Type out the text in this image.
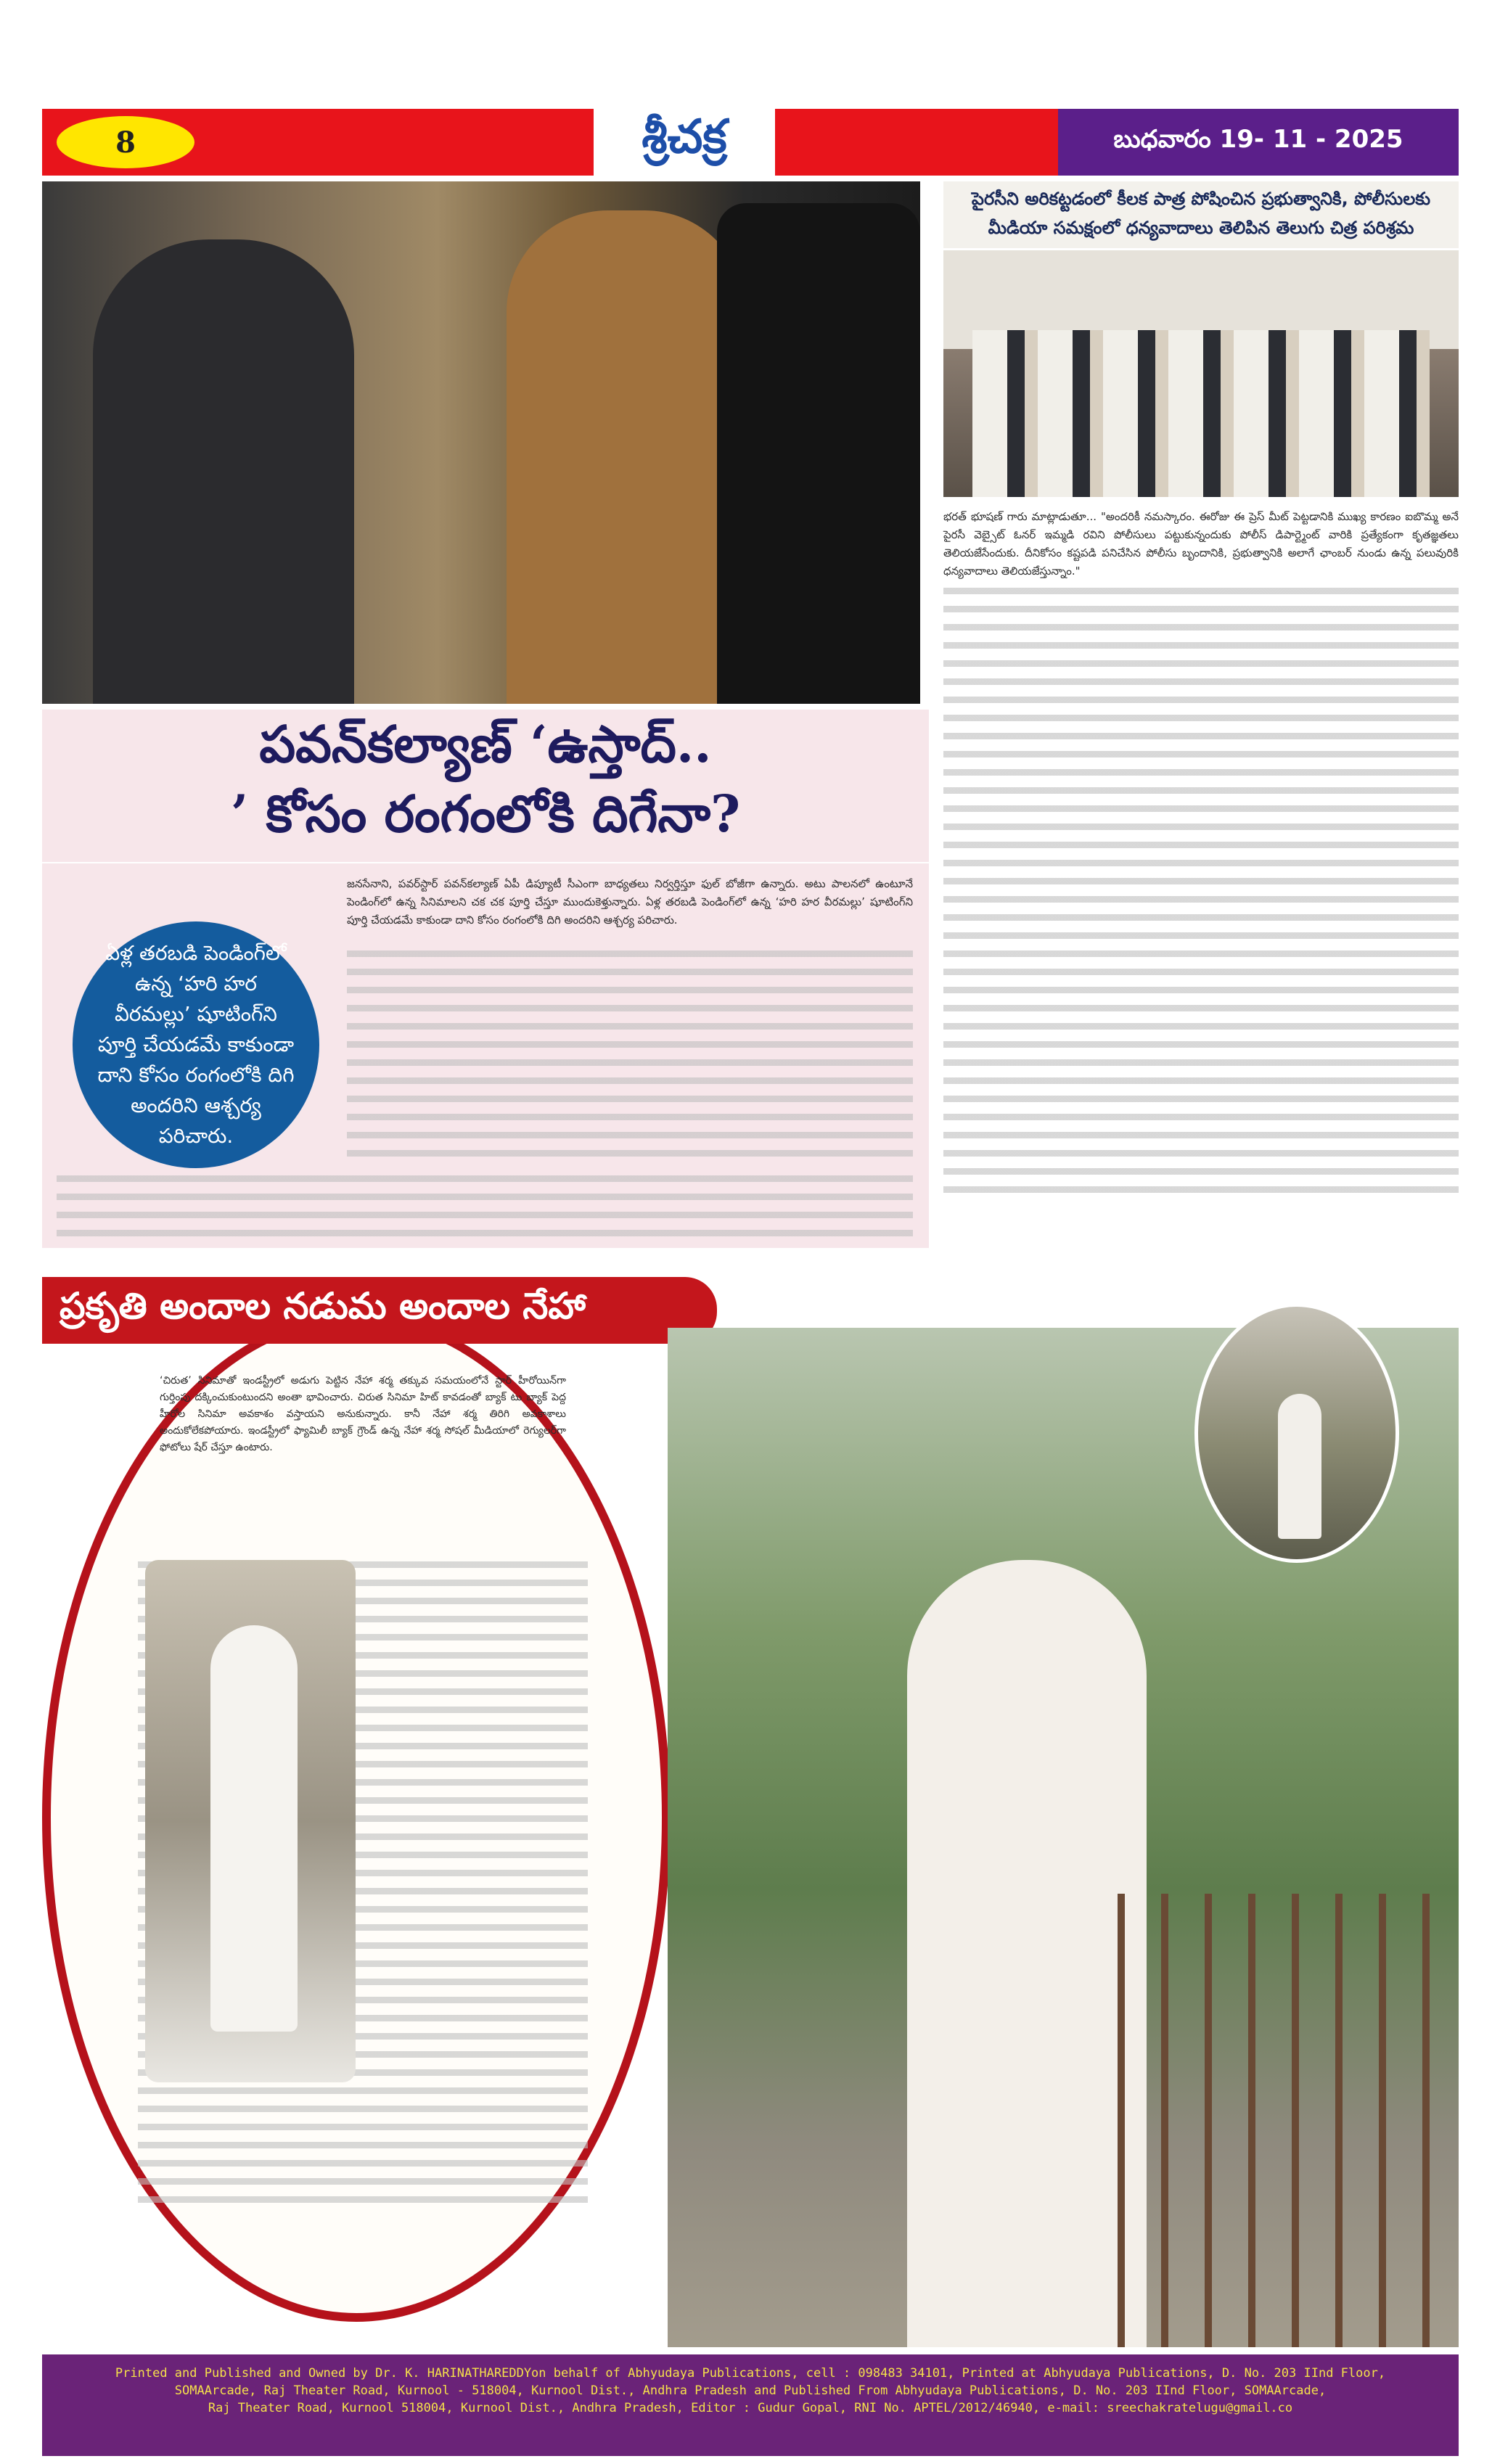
8	శ్రీచక్ర	బుధవారం 19- 11 - 2025
పైరసీని అరికట్టడంలో కీలక పాత్ర పోషించిన ప్రభుత్వానికి, పోలీసులకు
మీడియా సమక్షంలో ధన్యవాదాలు తెలిపిన తెలుగు చిత్ర పరిశ్రమ
భరత్ భూషణ్ గారు మాట్లాడుతూ... "అందరికీ నమస్కారం. ఈరోజు ఈ ప్రెస్ మీట్ పెట్టడానికి ముఖ్య కారణం ఐబొమ్మ అనే పైరసీ వెబ్సైట్ ఓనర్ ఇమ్మడి రవిని పోలీసులు పట్టుకున్నందుకు పోలీస్ డిపార్ట్మెంట్ వారికి ప్రత్యేకంగా కృతజ్ఞతలు తెలియజేసేందుకు. దీనికోసం కష్టపడి పనిచేసిన పోలీసు బృందానికి, ప్రభుత్వానికి అలాగే ఛాంబర్ నుండు ఉన్న పలువురికి ధన్యవాదాలు తెలియజేస్తున్నాం."
పవన్‌కల్యాణ్ ‘ఉస్తాద్..
’ కోసం రంగంలోకి దిగేనా?
జనసేనాని, పవర్‌స్టార్ పవన్‌కల్యాణ్ ఏపీ డిప్యూటీ సీఎంగా బాధ్యతలు నిర్వర్తిస్తూ ఫుల్ బోజీగా ఉన్నారు. అటు పాలనలో ఉంటూనే పెండింగ్‌లో ఉన్న సినిమాలని చక చక పూర్తి చేస్తూ ముందుకెళ్తున్నారు. ఏళ్ల తరబడి పెండింగ్‌లో ఉన్న ‘హరి హర వీరమల్లు’ షూటింగ్‌ని పూర్తి చేయడమే కాకుండా దాని కోసం రంగంలోకి దిగి అందరిని ఆశ్చర్య పరిచారు.
ఏళ్ల తరబడి పెండింగ్‌లో ఉన్న ‘హరి హర వీరమల్లు’ షూటింగ్‌ని పూర్తి చేయడమే కాకుండా దాని కోసం రంగంలోకి దిగి అందరిని ఆశ్చర్య పరిచారు.
‘చిరుత’ సినిమాతో ఇండస్ట్రీలో అడుగు పెట్టిన నేహా శర్మ తక్కువ సమయంలోనే స్టార్ హీరోయిన్‌గా గుర్తింపు దక్కించుకుంటుందని అంతా భావించారు. చిరుత సినిమా హిట్ కావడంతో బ్యాక్ టు బ్యాక్ పెద్ద హీరోల సినిమా అవకాశం వస్తాయని అనుకున్నారు. కానీ నేహా శర్మ తిరిగి అవకాశాలు అందుకోలేకపోయారు. ఇండస్ట్రీలో ఫ్యామిలీ బ్యాక్ గ్రౌండ్ ఉన్న నేహా శర్మ సోషల్ మీడియాలో రెగ్యులర్‌గా ఫోటోలు షేర్ చేస్తూ ఉంటారు.
ప్రకృతి అందాల నడుమ అందాల నేహా
Printed and Published and Owned by Dr. K. HARINATHAREDDYon behalf of Abhyudaya Publications, cell : 098483 34101, Printed at Abhyudaya Publications, D. No. 203 IInd Floor,
SOMAArcade, Raj Theater Road, Kurnool - 518004, Kurnool Dist., Andhra Pradesh and Published From Abhyudaya Publications, D. No. 203 IInd Floor, SOMAArcade,
Raj Theater Road, Kurnool 518004, Kurnool Dist., Andhra Pradesh, Editor : Gudur Gopal, RNI No. APTEL/2012/46940, e-mail: sreechakratelugu@gmail.co
